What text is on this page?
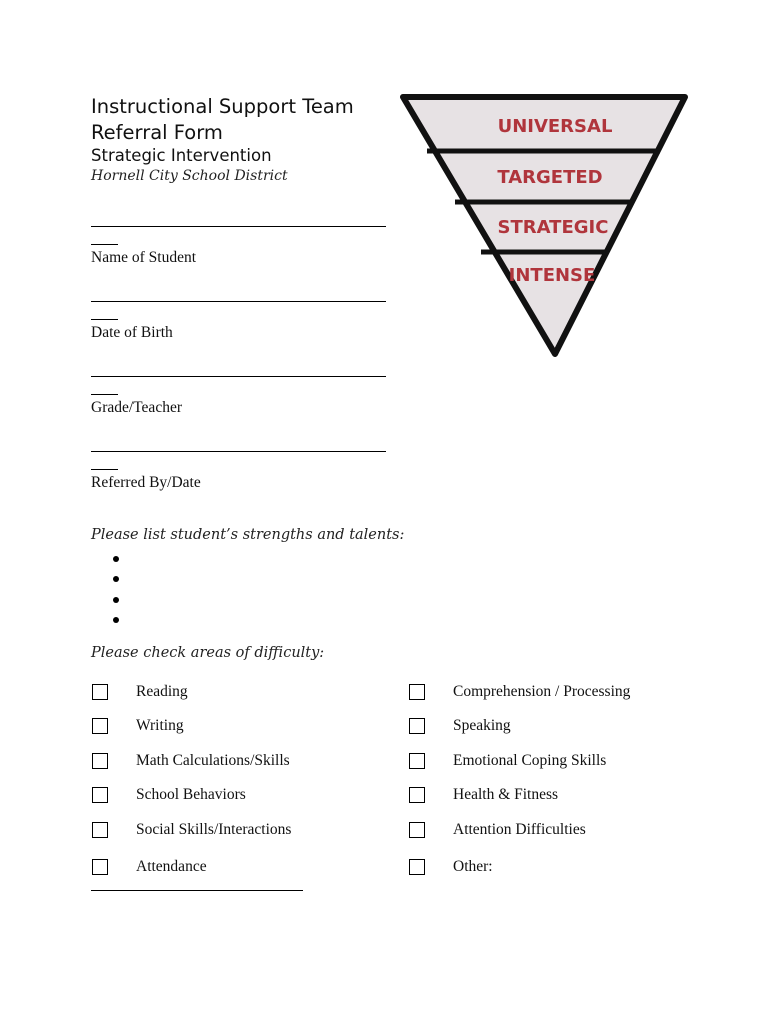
Instructional Support Team
Referral Form
Strategic Intervention
Hornell City School District
UNIVERSAL
TARGETED
STRATEGIC
INTENSE
Name of Student
Date of Birth
Grade/Teacher
Referred By/Date
Please list student’s strengths and talents:
Please check areas of difficulty:
Reading
Writing
Math Calculations/Skills
School Behaviors
Social Skills/Interactions
Attendance
Comprehension / Processing
Speaking
Emotional Coping Skills
Health & Fitness
Attention Difficulties
Other:
